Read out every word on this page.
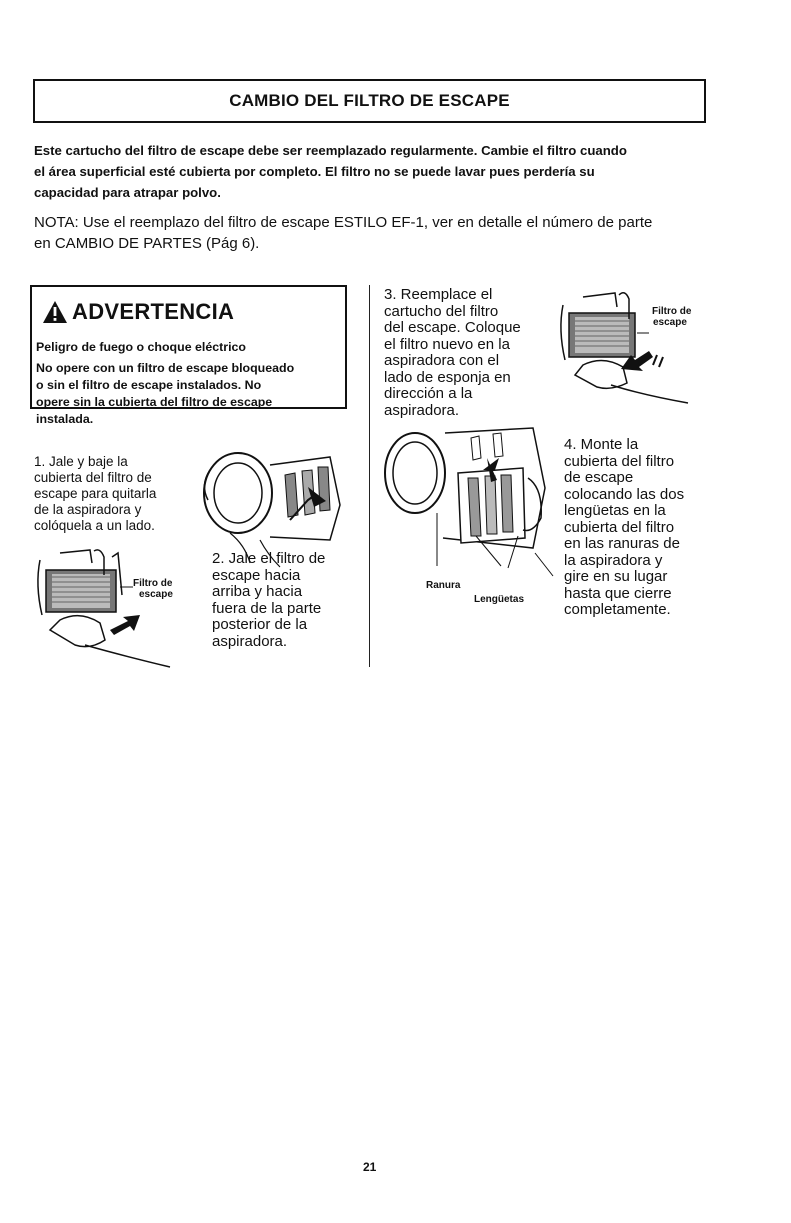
CAMBIO DEL FILTRO DE ESCAPE
Este cartucho del filtro de escape debe ser reemplazado regularmente. Cambie el filtro cuando
el área superficial esté cubierta por completo. El filtro no se puede lavar pues perdería su
capacidad para atrapar polvo.
NOTA: Use el reemplazo del filtro de escape ESTILO EF-1, ver en detalle el número de parte
en CAMBIO DE PARTES (Pág 6).
ADVERTENCIA

Peligro de fuego o choque eléctrico

No opere con un filtro de escape bloqueado
o sin el filtro de escape instalados. No
opere sin la cubierta del filtro de escape
instalada.
1. Jale y baje la
cubierta del filtro de
escape para quitarla
de la aspiradora y
colóquela a un lado.
Filtro de
escape
2. Jale el filtro de
escape hacia
arriba y hacia
fuera de la parte
posterior de la
aspiradora.
3. Reemplace el
cartucho del filtro
del escape. Coloque
el filtro nuevo en la
aspiradora con el
lado de esponja en
dirección a la
aspiradora.
Filtro de
escape
Ranura
Lengüetas
4. Monte la
cubierta del filtro
de escape
colocando las dos
lengüetas en la
cubierta del filtro
en las ranuras de
la aspiradora y
gire en su lugar
hasta que cierre
completamente.
21
